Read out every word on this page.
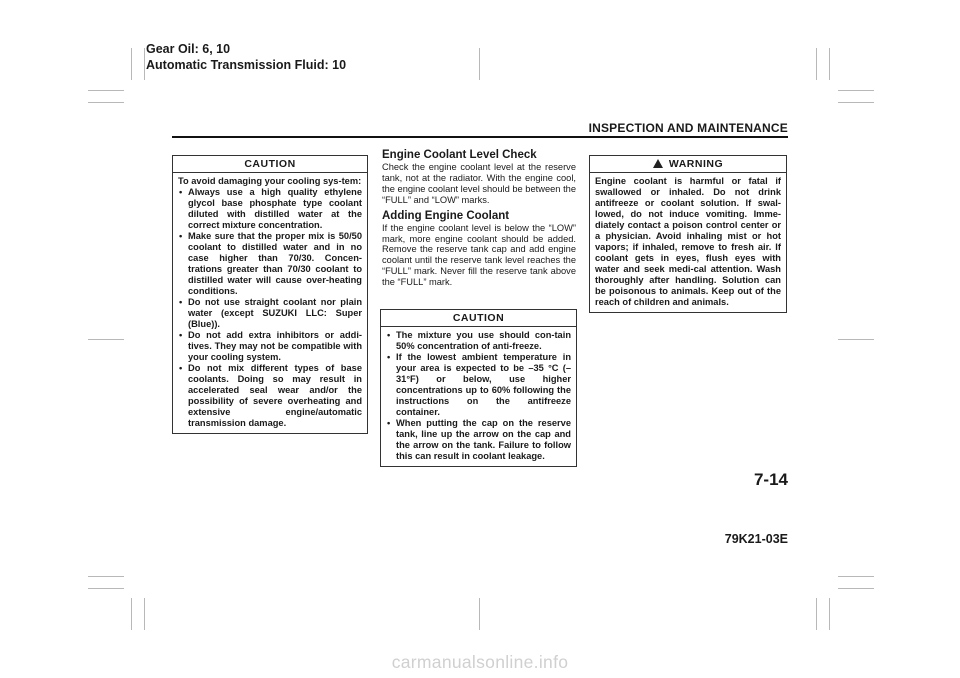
Gear Oil: 6, 10
Automatic Transmission Fluid: 10
INSPECTION AND MAINTENANCE
CAUTION
To avoid damaging your cooling sys-tem:
• Always use a high quality ethylene glycol base phosphate type coolant diluted with distilled water at the correct mixture concentration.
• Make sure that the proper mix is 50/50 coolant to distilled water and in no case higher than 70/30. Concen-trations greater than 70/30 coolant to distilled water will cause over-heating conditions.
• Do not use straight coolant nor plain water (except SUZUKI LLC: Super (Blue)).
• Do not add extra inhibitors or addi-tives. They may not be compatible with your cooling system.
• Do not mix different types of base coolants. Doing so may result in accelerated seal wear and/or the possibility of severe overheating and extensive engine/automatic transmission damage.
Engine Coolant Level Check

Check the engine coolant level at the reserve tank, not at the radiator. With the engine cool, the engine coolant level should be between the “FULL” and “LOW” marks.

Adding Engine Coolant

If the engine coolant level is below the “LOW” mark, more engine coolant should be added. Remove the reserve tank cap and add engine coolant until the reserve tank level reaches the “FULL” mark. Never fill the reserve tank above the “FULL” mark.

CAUTION
• The mixture you use should con-tain 50% concentration of anti-freeze.
• If the lowest ambient temperature in your area is expected to be –35 °C (–31°F) or below, use higher concentrations up to 60% following the instructions on the antifreeze container.
• When putting the cap on the reserve tank, line up the arrow on the cap and the arrow on the tank. Failure to follow this can result in coolant leakage.
WARNING
Engine coolant is harmful or fatal if swallowed or inhaled. Do not drink antifreeze or coolant solution. If swal-lowed, do not induce vomiting. Imme-diately contact a poison control center or a physician. Avoid inhaling mist or hot vapors; if inhaled, remove to fresh air. If coolant gets in eyes, flush eyes with water and seek medi-cal attention. Wash thoroughly after handling. Solution can be poisonous to animals. Keep out of the reach of children and animals.
7-14
79K21-03E
carmanualsonline.info
